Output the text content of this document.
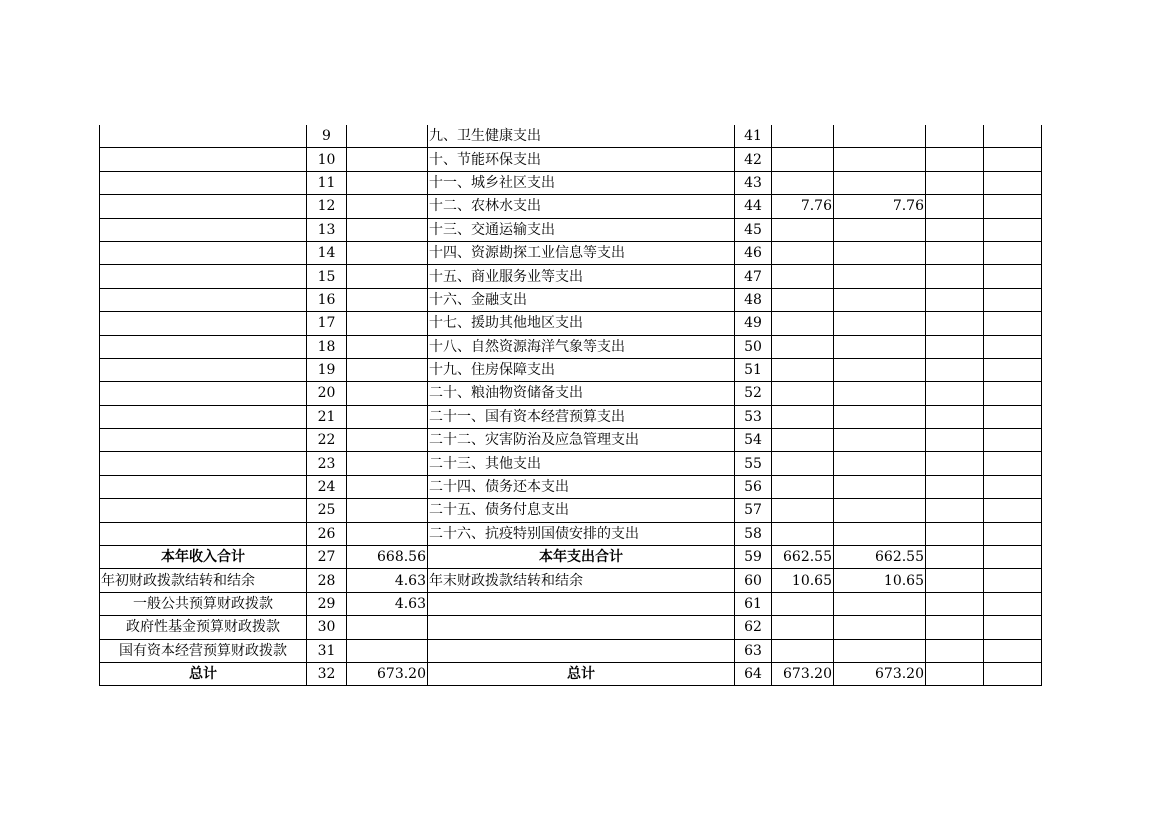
	9		九、卫生健康支出	41				
	10		十、节能环保支出	42				
	11		十一、城乡社区支出	43				
	12		十二、农林水支出	44	7.76	7.76		
	13		十三、交通运输支出	45				
	14		十四、资源勘探工业信息等支出	46				
	15		十五、商业服务业等支出	47				
	16		十六、金融支出	48				
	17		十七、援助其他地区支出	49				
	18		十八、自然资源海洋气象等支出	50				
	19		十九、住房保障支出	51				
	20		二十、粮油物资储备支出	52				
	21		二十一、国有资本经营预算支出	53				
	22		二十二、灾害防治及应急管理支出	54				
	23		二十三、其他支出	55				
	24		二十四、债务还本支出	56				
	25		二十五、债务付息支出	57				
	26		二十六、抗疫特别国债安排的支出	58				
本年收入合计	27	668.56	本年支出合计	59	662.55	662.55		
年初财政拨款结转和结余	28	4.63	年末财政拨款结转和结余	60	10.65	10.65		
一般公共预算财政拨款	29	4.63		61				
政府性基金预算财政拨款	30			62				
国有资本经营预算财政拨款	31			63				
总计	32	673.20	总计	64	673.20	673.20		
